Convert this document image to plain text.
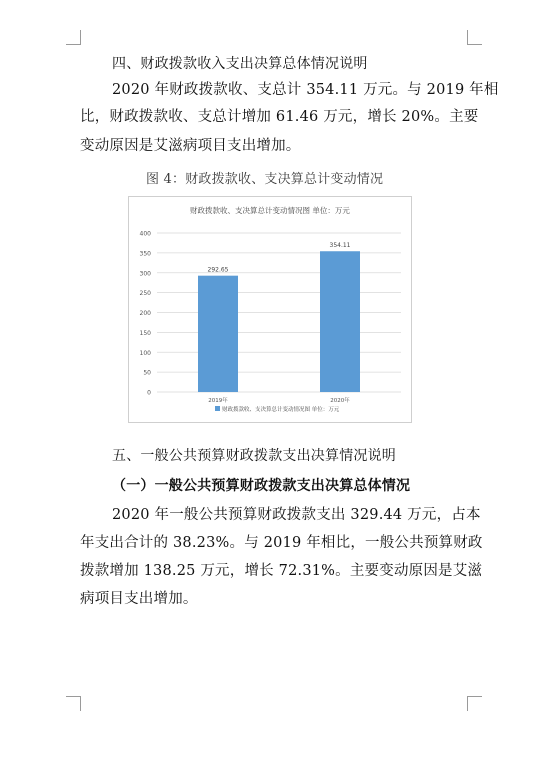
四、财政拨款收入支出决算总体情况说明
2020 年财政拨款收、支总计 354.11 万元。与 2019 年相
比，财政拨款收、支总计增加 61.46 万元，增长 20%。主要
变动原因是艾滋病项目支出增加。
图 4：财政拨款收、支决算总计变动情况
财政拨款收、支决算总计变动情况图 单位：万元
0
50
100
150
200
250
300
350
400
292.65
2019年
354.11
2020年
财政拨款收、支决算总计变动情况图 单位：万元
五、一般公共预算财政拨款支出决算情况说明
（一）一般公共预算财政拨款支出决算总体情况
2020 年一般公共预算财政拨款支出 329.44 万元，占本
年支出合计的 38.23%。与 2019 年相比，一般公共预算财政
拨款增加 138.25 万元，增长 72.31%。主要变动原因是艾滋
病项目支出增加。
